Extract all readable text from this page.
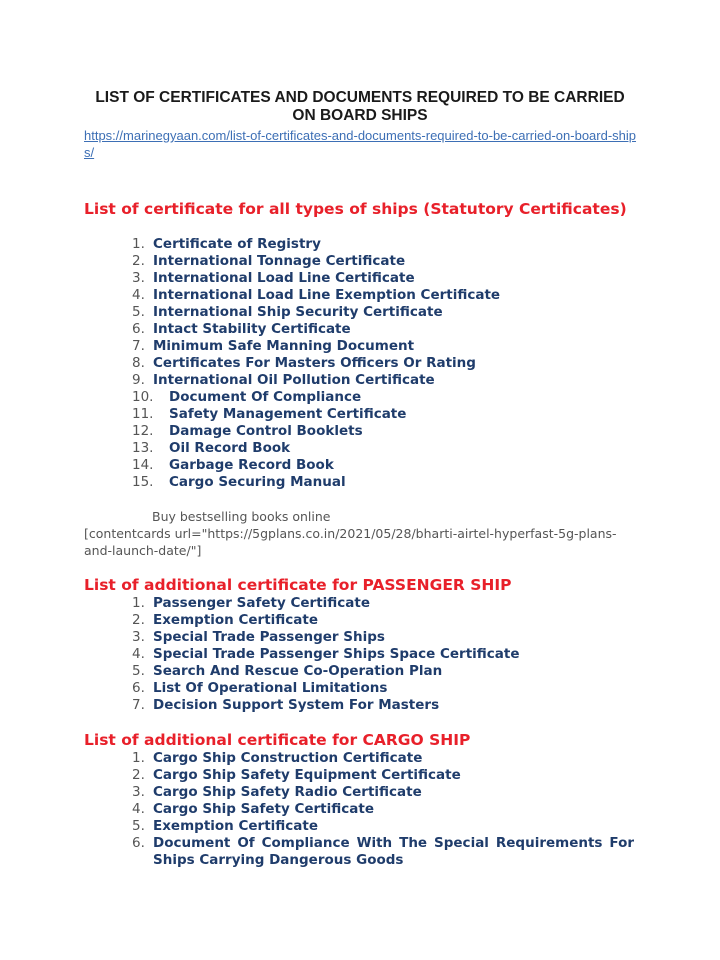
LIST OF CERTIFICATES AND DOCUMENTS REQUIRED TO BE CARRIED ON BOARD SHIPS
https://marinegyaan.com/list-of-certificates-and-documents-required-to-be-carried-on-board-ships/
List of certificate for all types of ships (Statutory Certificates)
1. Certificate of Registry
2. International Tonnage Certificate
3. International Load Line Certificate
4. International Load Line Exemption Certificate
5. International Ship Security Certificate
6. Intact Stability Certificate
7. Minimum Safe Manning Document
8. Certificates For Masters Officers Or Rating
9. International Oil Pollution Certificate
10. Document Of Compliance
11. Safety Management Certificate
12. Damage Control Booklets
13. Oil Record Book
14. Garbage Record Book
15. Cargo Securing Manual
Buy bestselling books online
[contentcards url="https://5gplans.co.in/2021/05/28/bharti-airtel-hyperfast-5g-plans-and-launch-date/"]
List of additional certificate for PASSENGER SHIP
1. Passenger Safety Certificate
2. Exemption Certificate
3. Special Trade Passenger Ships
4. Special Trade Passenger Ships Space Certificate
5. Search And Rescue Co-Operation Plan
6. List Of Operational Limitations
7. Decision Support System For Masters
List of additional certificate for CARGO SHIP
1. Cargo Ship Construction Certificate
2. Cargo Ship Safety Equipment Certificate
3. Cargo Ship Safety Radio Certificate
4. Cargo Ship Safety Certificate
5. Exemption Certificate
6. Document Of Compliance With The Special Requirements For Ships Carrying Dangerous Goods
